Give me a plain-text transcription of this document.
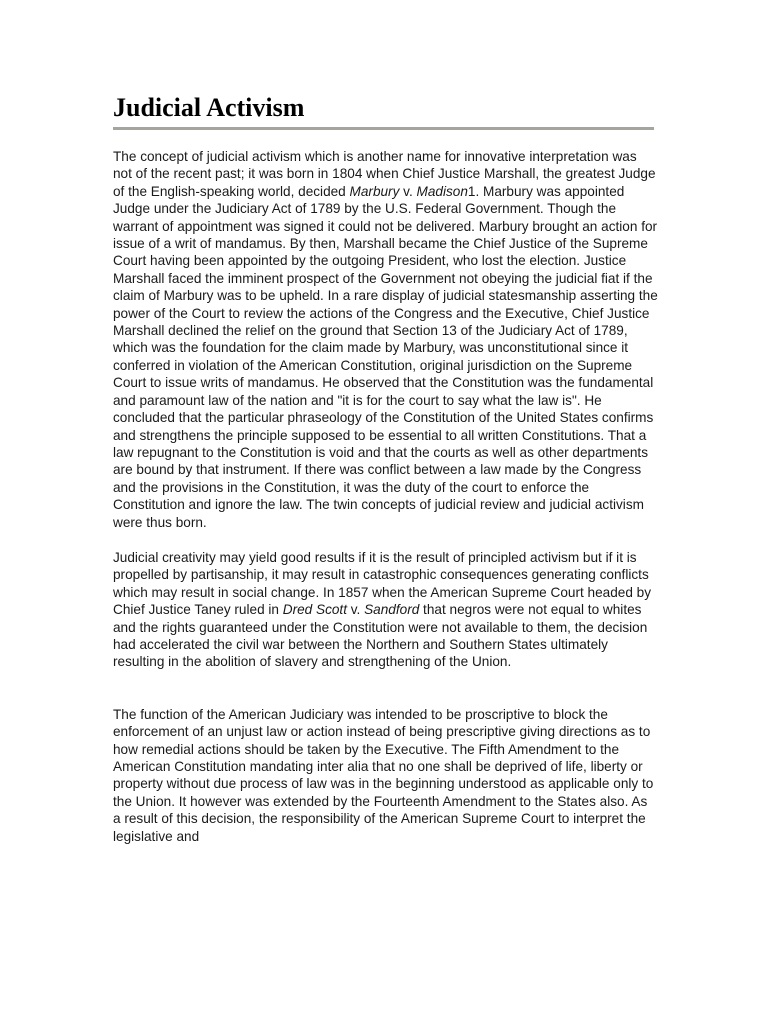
Judicial Activism

The concept of judicial activism which is another name for innovative interpretation was not of the recent past; it was born in 1804 when Chief Justice Marshall, the greatest Judge of the English-speaking world, decided Marbury v. Madison1. Marbury was appointed Judge under the Judiciary Act of 1789 by the U.S. Federal Government. Though the warrant of appointment was signed it could not be delivered. Marbury brought an action for issue of a writ of mandamus. By then, Marshall became the Chief Justice of the Supreme Court having been appointed by the outgoing President, who lost the election. Justice Marshall faced the imminent prospect of the Government not obeying the judicial fiat if the claim of Marbury was to be upheld. In a rare display of judicial statesmanship asserting the power of the Court to review the actions of the Congress and the Executive, Chief Justice Marshall declined the relief on the ground that Section 13 of the Judiciary Act of 1789, which was the foundation for the claim made by Marbury, was unconstitutional since it conferred in violation of the American Constitution, original jurisdiction on the Supreme Court to issue writs of mandamus. He observed that the Constitution was the fundamental and paramount law of the nation and "it is for the court to say what the law is". He concluded that the particular phraseology of the Constitution of the United States confirms and strengthens the principle supposed to be essential to all written Constitutions. That a law repugnant to the Constitution is void and that the courts as well as other departments are bound by that instrument. If there was conflict between a law made by the Congress and the provisions in the Constitution, it was the duty of the court to enforce the Constitution and ignore the law. The twin concepts of judicial review and judicial activism were thus born.

Judicial creativity may yield good results if it is the result of principled activism but if it is propelled by partisanship, it may result in catastrophic consequences generating conflicts which may result in social change. In 1857 when the American Supreme Court headed by Chief Justice Taney ruled in Dred Scott v. Sandford that negros were not equal to whites and the rights guaranteed under the Constitution were not available to them, the decision had accelerated the civil war between the Northern and Southern States ultimately resulting in the abolition of slavery and strengthening of the Union.

The function of the American Judiciary was intended to be proscriptive to block the enforcement of an unjust law or action instead of being prescriptive giving directions as to how remedial actions should be taken by the Executive. The Fifth Amendment to the American Constitution mandating inter alia that no one shall be deprived of life, liberty or property without due process of law was in the beginning understood as applicable only to the Union. It however was extended by the Fourteenth Amendment to the States also. As a result of this decision, the responsibility of the American Supreme Court to interpret the legislative and
